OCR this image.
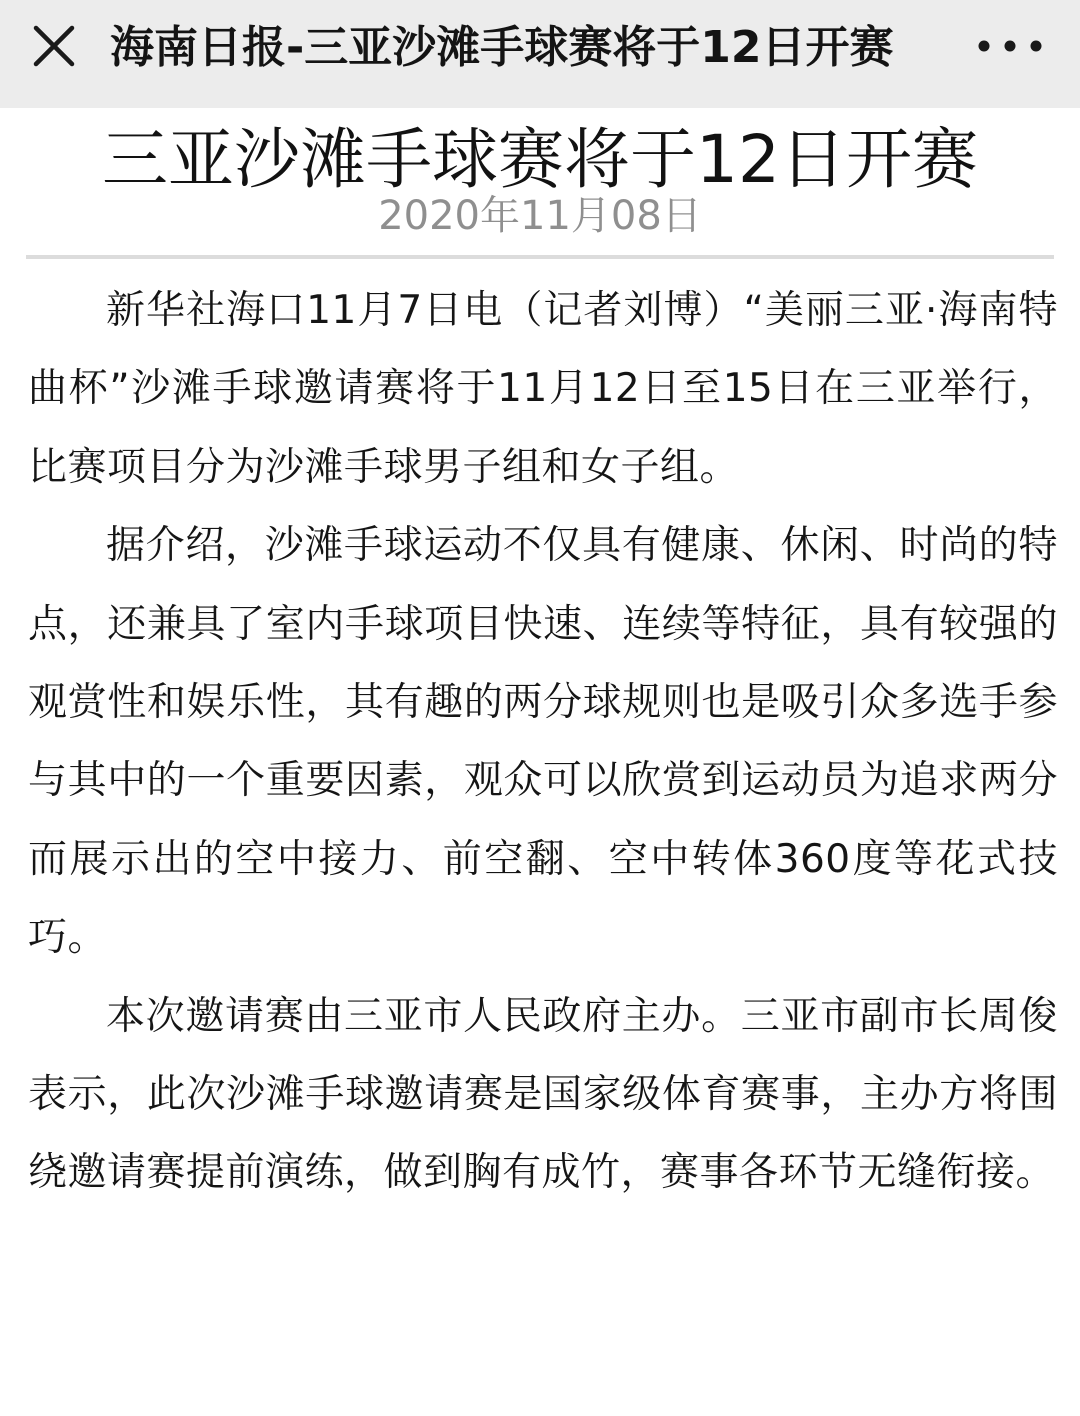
海南日报-三亚沙滩手球赛将于12日开赛
三亚沙滩手球赛将于12日开赛
2020年11月08日

新华社海口11月7日电（记者刘博）“美丽三亚·海南特曲杯”沙滩手球邀请赛将于11月12日至15日在三亚举行，比赛项目分为沙滩手球男子组和女子组。

据介绍，沙滩手球运动不仅具有健康、休闲、时尚的特点，还兼具了室内手球项目快速、连续等特征，具有较强的观赏性和娱乐性，其有趣的两分球规则也是吸引众多选手参与其中的一个重要因素，观众可以欣赏到运动员为追求两分而展示出的空中接力、前空翻、空中转体360度等花式技巧。

本次邀请赛由三亚市人民政府主办。三亚市副市长周俊表示，此次沙滩手球邀请赛是国家级体育赛事，主办方将围绕邀请赛提前演练，做到胸有成竹，赛事各环节无缝衔接。
